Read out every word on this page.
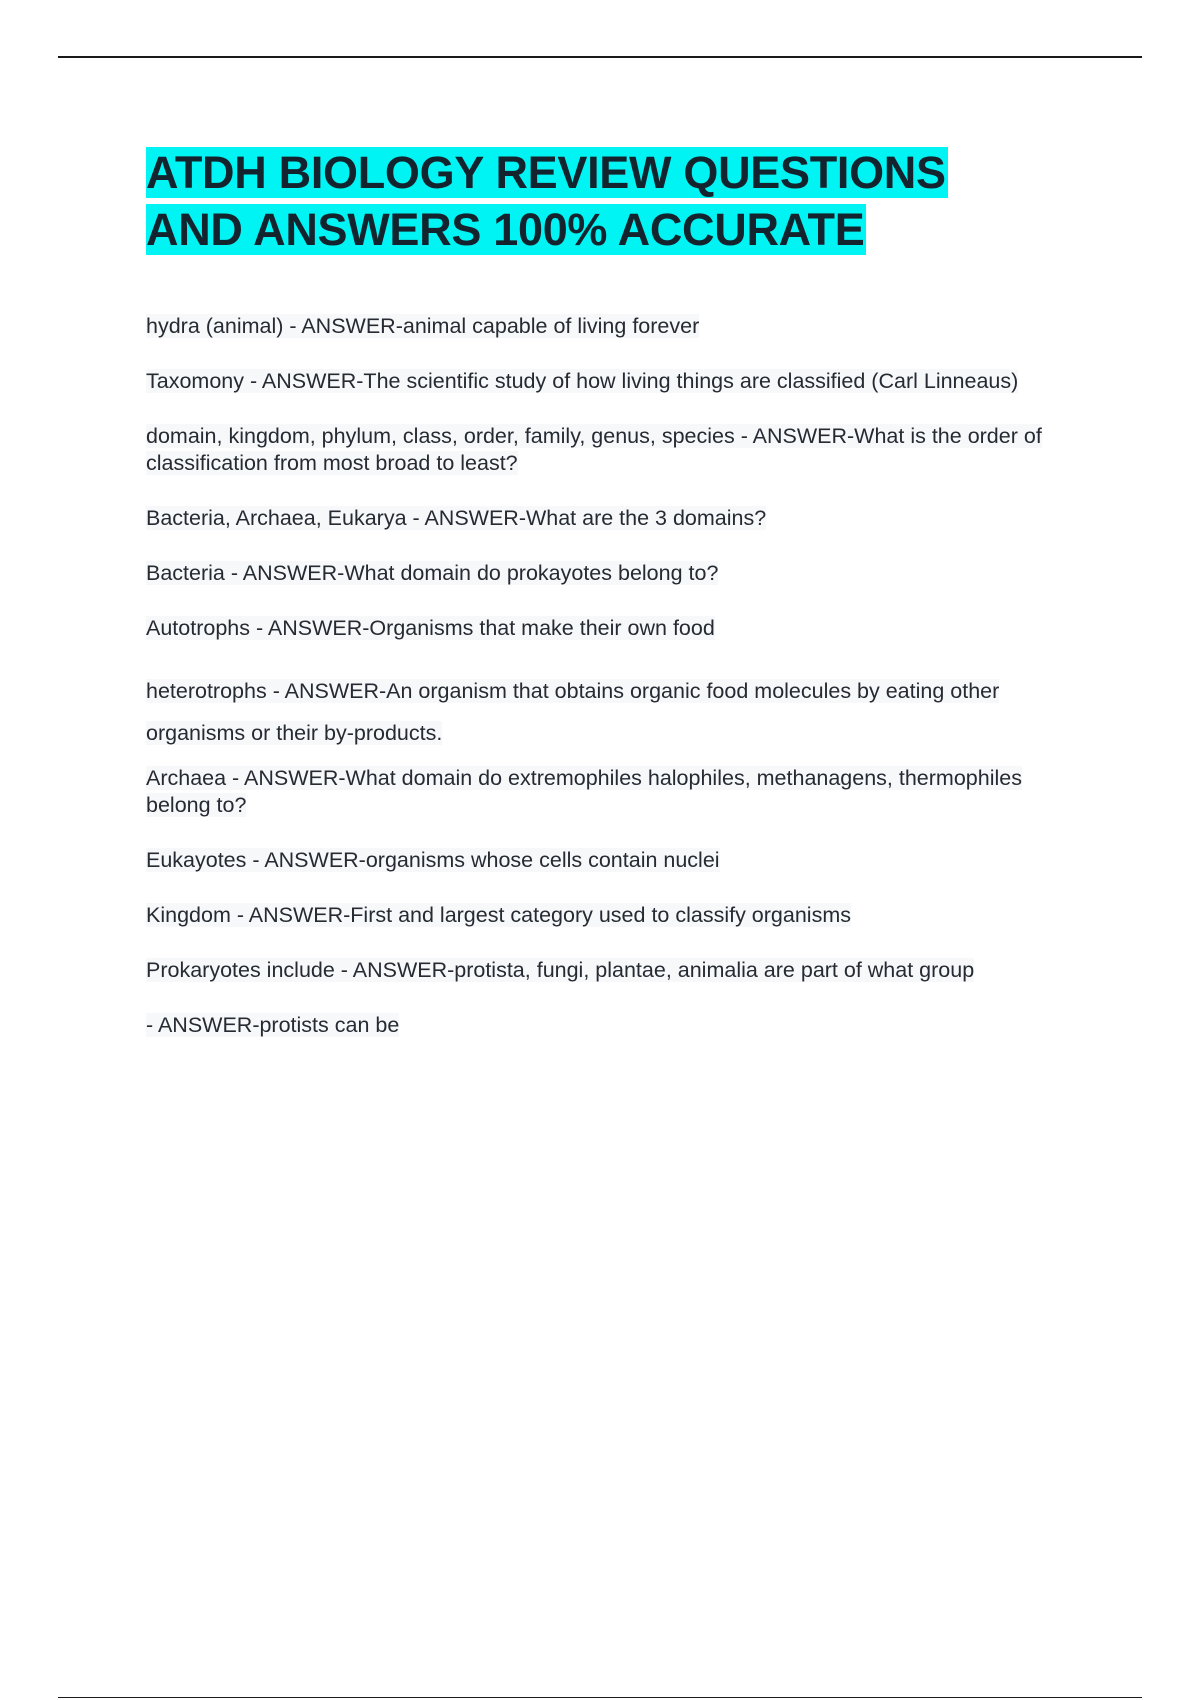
ATDH BIOLOGY REVIEW QUESTIONS
AND ANSWERS 100% ACCURATE

hydra (animal) - ANSWER-animal capable of living forever

Taxomony - ANSWER-The scientific study of how living things are classified (Carl Linneaus)

domain, kingdom, phylum, class, order, family, genus, species - ANSWER-What is the order of classification from most broad to least?

Bacteria, Archaea, Eukarya - ANSWER-What are the 3 domains?

Bacteria - ANSWER-What domain do prokayotes belong to?

Autotrophs - ANSWER-Organisms that make their own food

heterotrophs - ANSWER-An organism that obtains organic food molecules by eating other organisms or their by-products.

Archaea - ANSWER-What domain do extremophiles halophiles, methanagens, thermophiles belong to?

Eukayotes - ANSWER-organisms whose cells contain nuclei

Kingdom - ANSWER-First and largest category used to classify organisms

Prokaryotes include - ANSWER-protista, fungi, plantae, animalia are part of what group

- ANSWER-protists can be
